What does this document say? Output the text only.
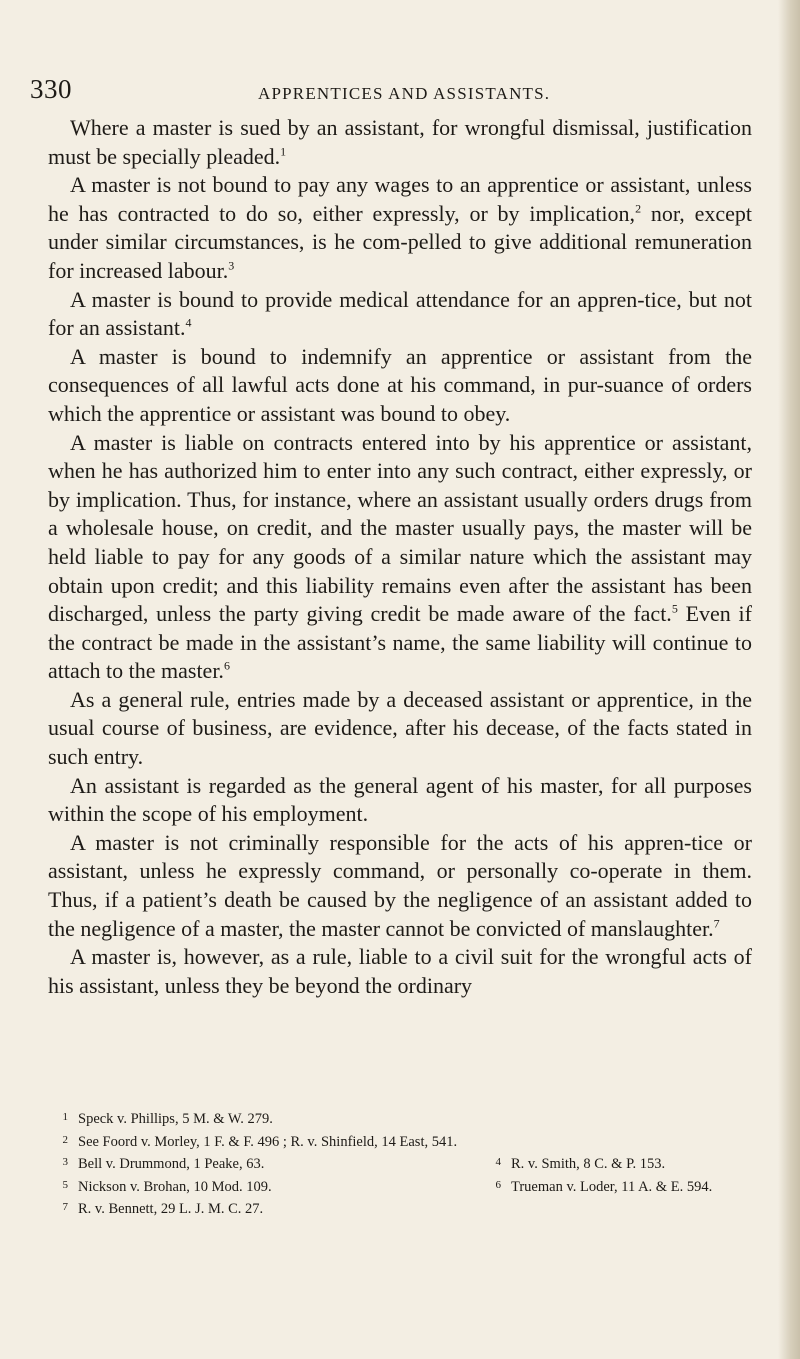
330	APPRENTICES AND ASSISTANTS.

Where a master is sued by an assistant, for wrongful dismissal, justification must be specially pleaded.$^1$

A master is not bound to pay any wages to an apprentice or assistant, unless he has contracted to do so, either expressly, or by implication,$^2$ nor, except under similar circumstances, is he com-pelled to give additional remuneration for increased labour.$^3$

A master is bound to provide medical attendance for an appren-tice, but not for an assistant.$^4$

A master is bound to indemnify an apprentice or assistant from the consequences of all lawful acts done at his command, in pur-suance of orders which the apprentice or assistant was bound to obey.

A master is liable on contracts entered into by his apprentice or assistant, when he has authorized him to enter into any such contract, either expressly, or by implication. Thus, for instance, where an assistant usually orders drugs from a wholesale house, on credit, and the master usually pays, the master will be held liable to pay for any goods of a similar nature which the assistant may obtain upon credit; and this liability remains even after the assistant has been discharged, unless the party giving credit be made aware of the fact.$^5$ Even if the contract be made in the assistant’s name, the same liability will continue to attach to the master.$^6$

As a general rule, entries made by a deceased assistant or apprentice, in the usual course of business, are evidence, after his decease, of the facts stated in such entry.

An assistant is regarded as the general agent of his master, for all purposes within the scope of his employment.

A master is not criminally responsible for the acts of his appren-tice or assistant, unless he expressly command, or personally co-operate in them. Thus, if a patient’s death be caused by the negligence of an assistant added to the negligence of a master, the master cannot be convicted of manslaughter.$^7$

A master is, however, as a rule, liable to a civil suit for the wrongful acts of his assistant, unless they be beyond the ordinary

1 Speck v. Phillips, 5 M. & W. 279.
2 See Foord v. Morley, 1 F. & F. 496 ; R. v. Shinfield, 14 East, 541.
3 Bell v. Drummond, 1 Peake, 63.	4 R. v. Smith, 8 C. & P. 153.
5 Nickson v. Brohan, 10 Mod. 109.	6 Trueman v. Loder, 11 A. & E. 594.
7 R. v. Bennett, 29 L. J. M. C. 27.
